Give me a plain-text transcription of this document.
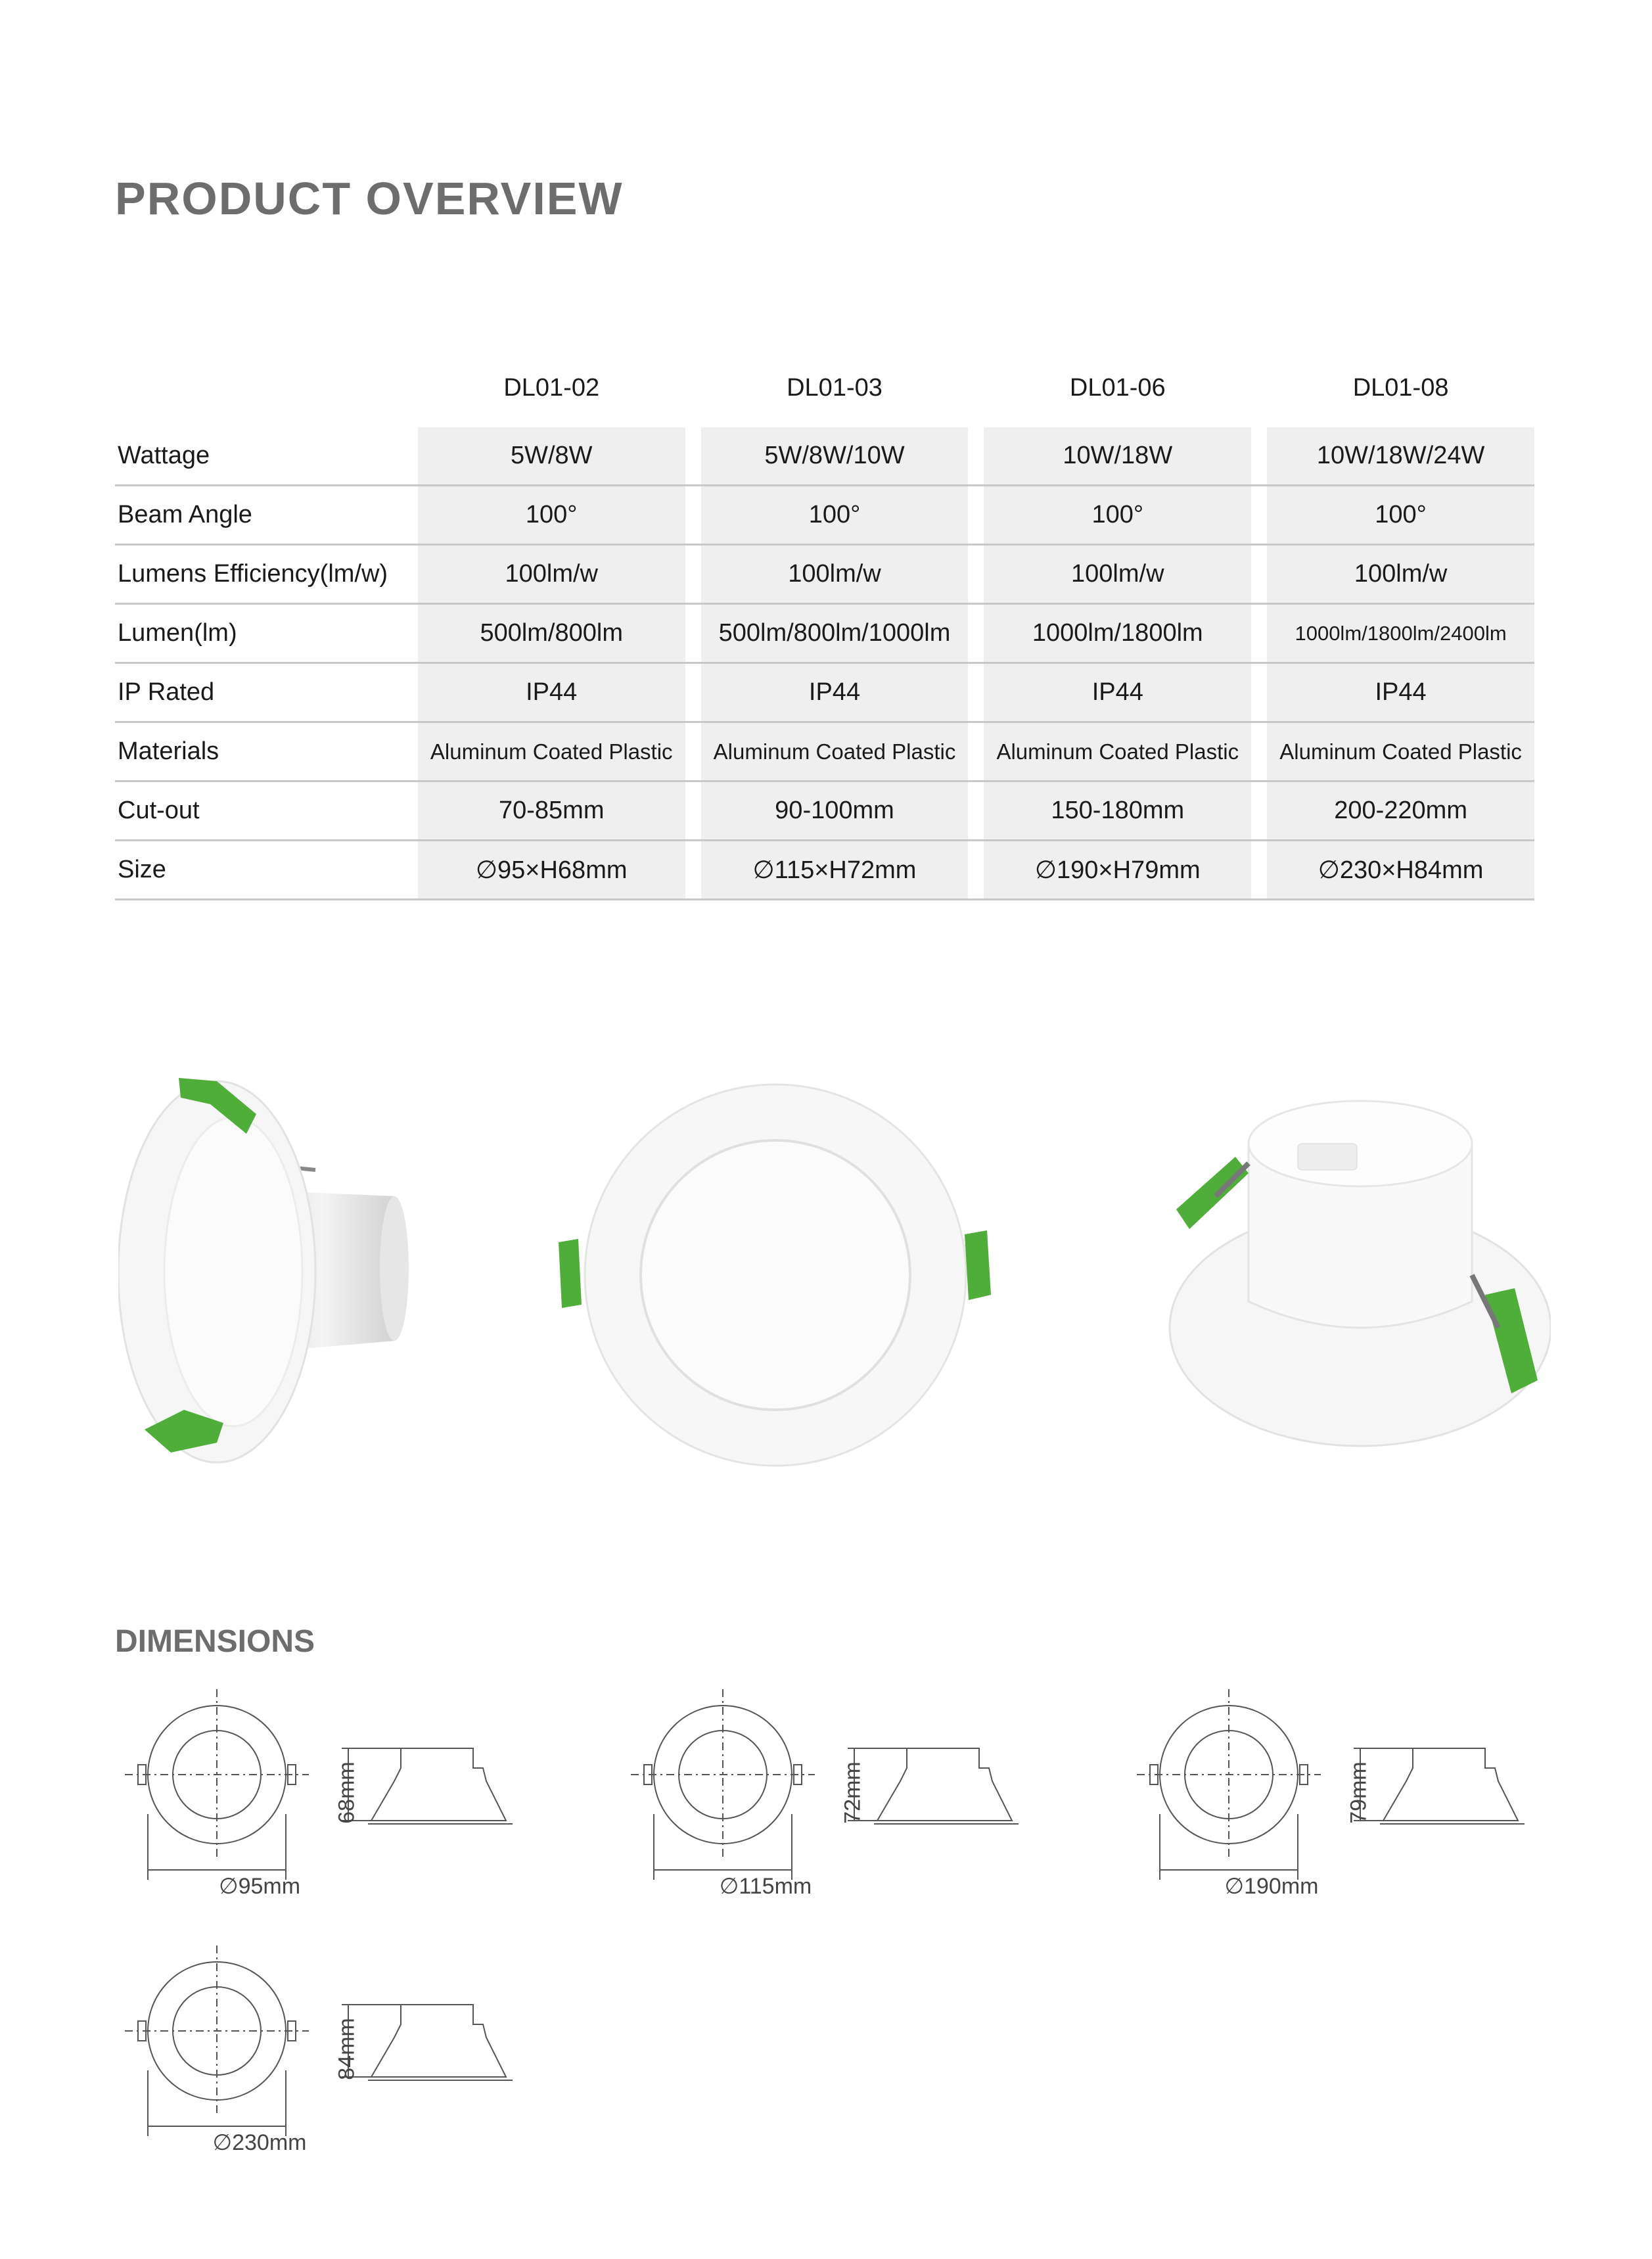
PRODUCT OVERVIEW
	DL01-02		DL01-03		DL01-06		DL01-08
Wattage	5W/8W		5W/8W/10W		10W/18W		10W/18W/24W
Beam Angle	100°		100°		100°		100°
Lumens Efficiency(lm/w)	100lm/w		100lm/w		100lm/w		100lm/w
Lumen(lm)	500lm/800lm		500lm/800lm/1000lm		1000lm/1800lm		1000lm/1800lm/2400lm
IP Rated	IP44		IP44		IP44		IP44
Materials	Aluminum Coated Plastic		Aluminum Coated Plastic		Aluminum Coated Plastic		Aluminum Coated Plastic
Cut-out	70-85mm		90-100mm		150-180mm		200-220mm
Size	∅95×H68mm		∅115×H72mm		∅190×H79mm		∅230×H84mm
DIMENSIONS
∅95mm
68mm
∅115mm
72mm
∅190mm
79mm
∅230mm
84mm
